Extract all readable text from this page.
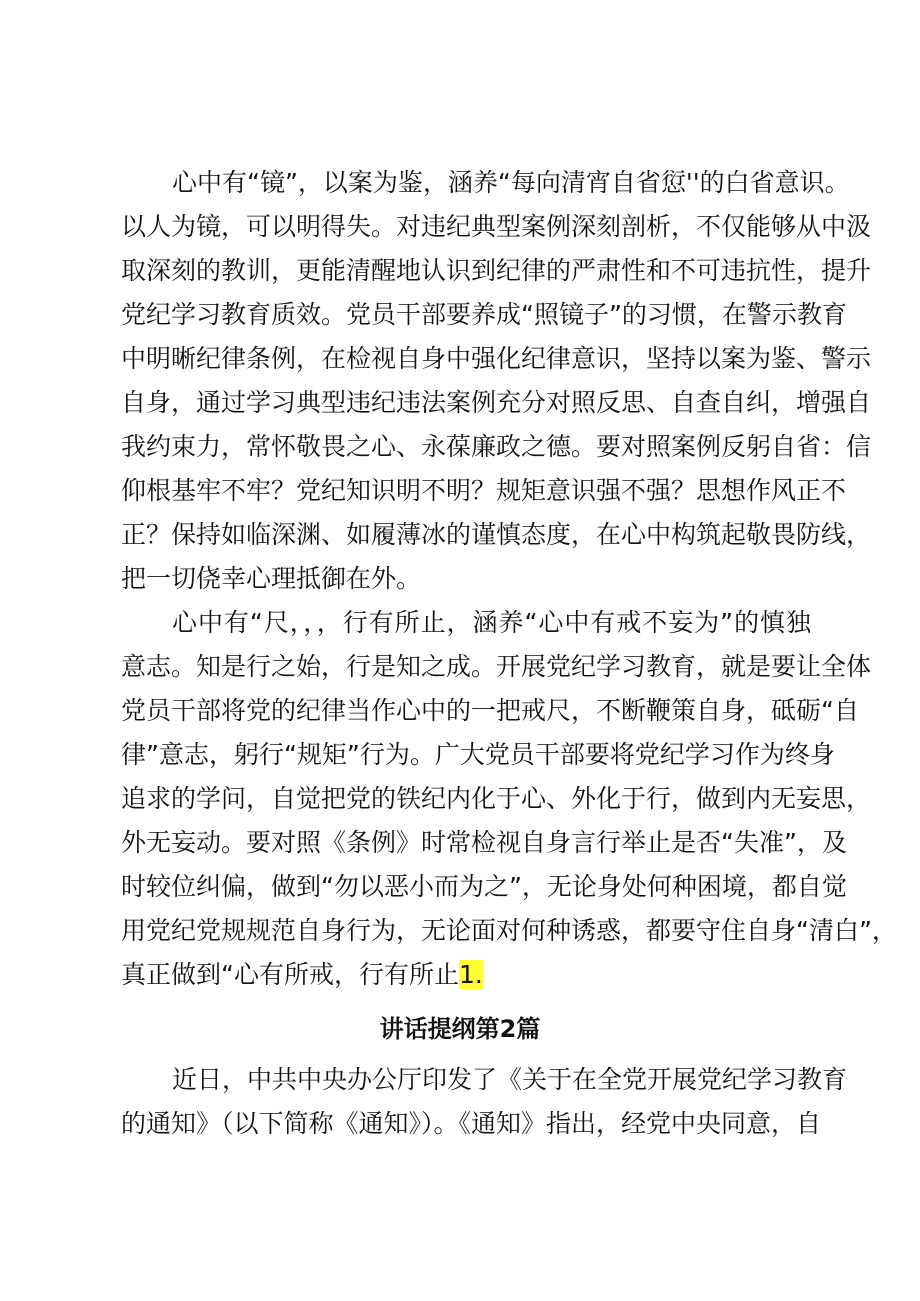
心中有“镜”，以案为鉴，涵养“每向清宵自省愆''的白省意识。
以人为镜，可以明得失。对违纪典型案例深刻剖析，不仅能够从中汲
取深刻的教训，更能清醒地认识到纪律的严肃性和不可违抗性，提升
党纪学习教育质效。党员干部要养成“照镜子”的习惯，在警示教育
中明晰纪律条例，在检视自身中强化纪律意识，坚持以案为鉴、警示
自身，通过学习典型违纪违法案例充分对照反思、自查自纠，增强自
我约束力，常怀敬畏之心、永葆廉政之德。要对照案例反躬自省：信
仰根基牢不牢？党纪知识明不明？规矩意识强不强？思想作风正不
正？保持如临深渊、如履薄冰的谨慎态度，在心中构筑起敬畏防线，
把一切侥幸心理抵御在外。
心中有“尺，，，行有所止，涵养“心中有戒不妄为”的慎独
意志。知是行之始，行是知之成。开展党纪学习教育，就是要让全体
党员干部将党的纪律当作心中的一把戒尺，不断鞭策自身，砥砺“自
律”意志，躬行“规矩”行为。广大党员干部要将党纪学习作为终身
追求的学问，自觉把党的铁纪内化于心、外化于行，做到内无妄思，
外无妄动。要对照《条例》时常检视自身言行举止是否“失准”，及
时较位纠偏，做到“勿以恶小而为之”，无论身处何种困境，都自觉
用党纪党规规范自身行为，无论面对何种诱惑，都要守住自身“清白”，
真正做到“心有所戒，行有所止1.
讲话提纲第2篇
近日，中共中央办公厅印发了《关于在全党开展党纪学习教育
的通知》（以下简称《通知》）。《通知》指出，经党中央同意，自
